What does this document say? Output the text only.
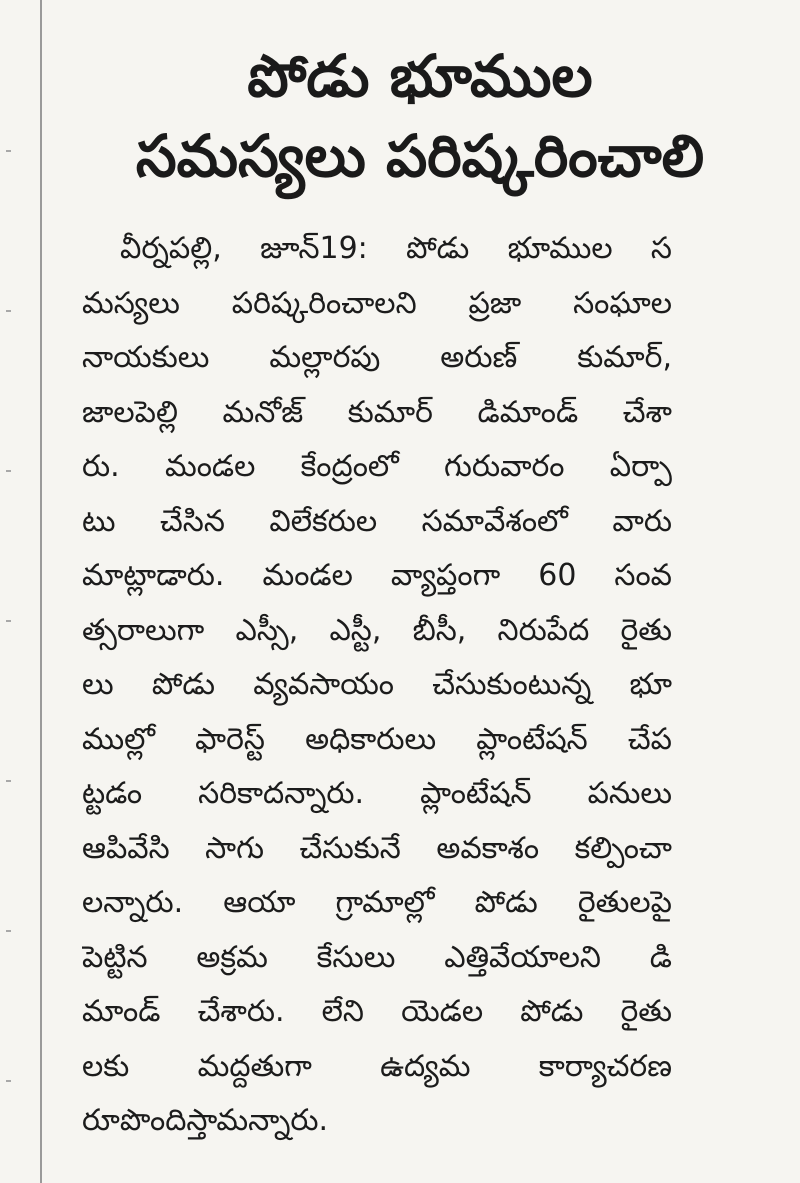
పోడు భూముల
సమస్యలు పరిష్కరించాలి
వీర్నపల్లి, జూన్19: పోడు భూముల స
మస్యలు పరిష్కరించాలని ప్రజా సంఘాల
నాయకులు మల్లారపు అరుణ్ కుమార్,
జాలపెల్లి మనోజ్ కుమార్ డిమాండ్ చేశా
రు. మండల కేంద్రంలో గురువారం ఏర్పా
టు చేసిన విలేకరుల సమావేశంలో వారు
మాట్లాడారు. మండల వ్యాప్తంగా 60 సంవ
త్సరాలుగా ఎస్సీ, ఎస్టీ, బీసీ, నిరుపేద రైతు
లు పోడు వ్యవసాయం చేసుకుంటున్న భూ
ముల్లో ఫారెస్ట్ అధికారులు ప్లాంటేషన్ చేప
ట్టడం సరికాదన్నారు. ప్లాంటేషన్ పనులు
ఆపివేసి సాగు చేసుకునే అవకాశం కల్పించా
లన్నారు. ఆయా గ్రామాల్లో పోడు రైతులపై
పెట్టిన అక్రమ కేసులు ఎత్తివేయాలని డి
మాండ్ చేశారు. లేని యెడల పోడు రైతు
లకు మద్దతుగా ఉద్యమ కార్యాచరణ
రూపొందిస్తామన్నారు.
